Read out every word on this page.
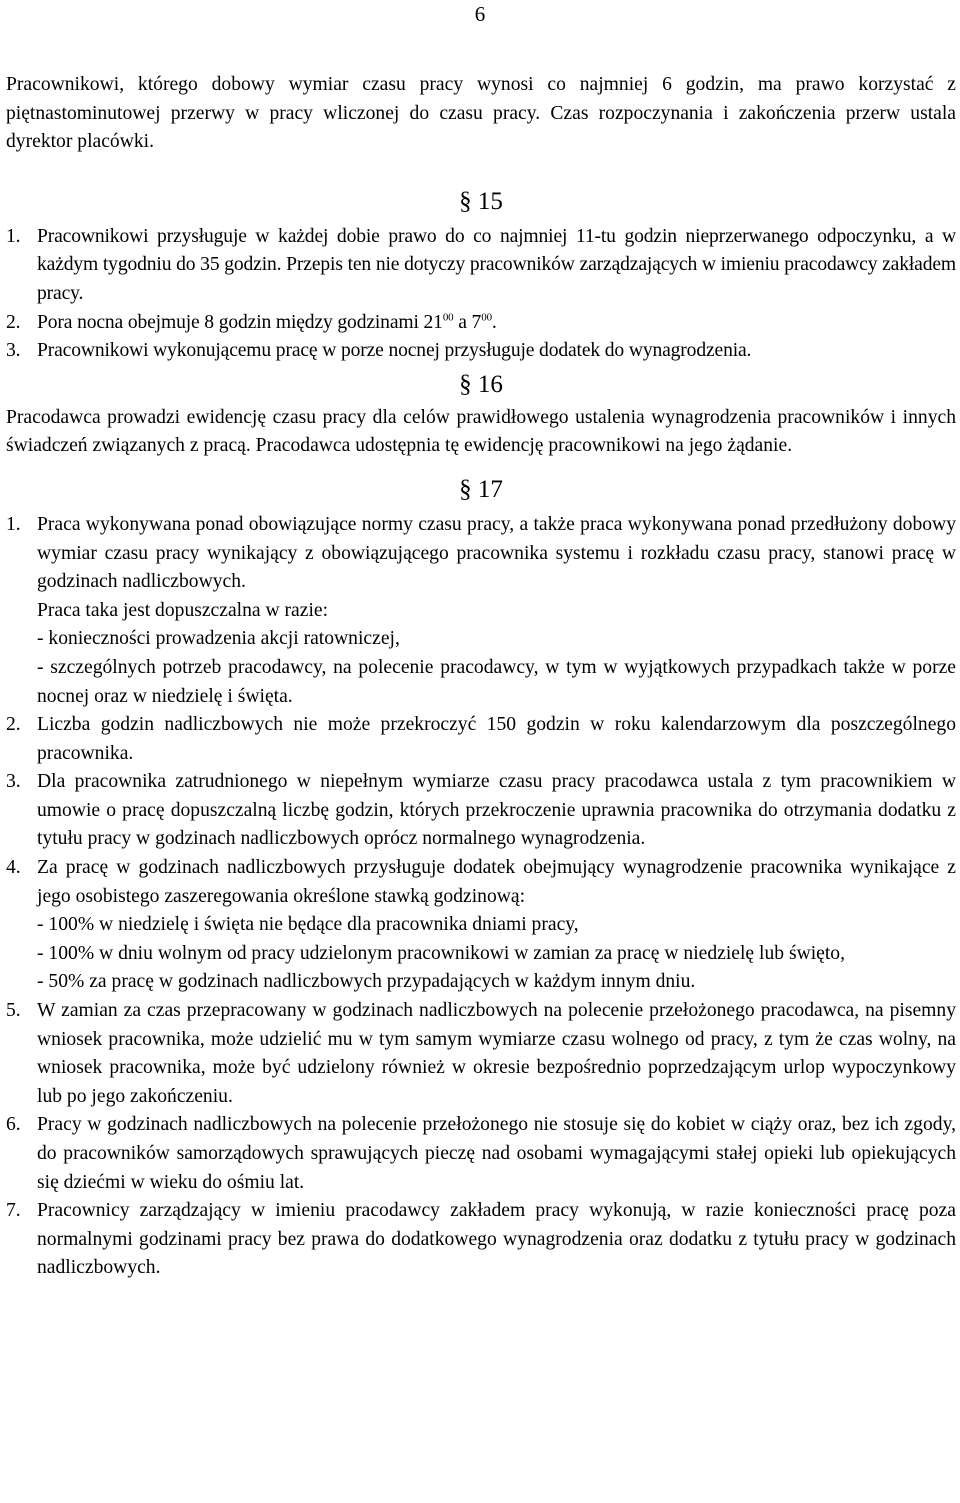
6

Pracownikowi, którego dobowy wymiar czasu pracy wynosi co najmniej 6 godzin, ma prawo korzystać z piętnastominutowej przerwy w pracy wliczonej do czasu pracy. Czas rozpoczynania i zakończenia przerw ustala dyrektor placówki.

§ 15
1. Pracownikowi przysługuje w każdej dobie prawo do co najmniej 11-tu godzin nieprzerwanego odpoczynku, a w każdym tygodniu do 35 godzin. Przepis ten nie dotyczy pracowników zarządzających w imieniu pracodawcy zakładem pracy.
2. Pora nocna obejmuje 8 godzin między godzinami $21^{00}$ a $7^{00}$.
3. Pracownikowi wykonującemu pracę w porze nocnej przysługuje dodatek do wynagrodzenia.
§ 16

Pracodawca prowadzi ewidencję czasu pracy dla celów prawidłowego ustalenia wynagrodzenia pracowników i innych świadczeń związanych z pracą. Pracodawca udostępnia tę ewidencję pracownikowi na jego żądanie.

§ 17
1. Praca wykonywana ponad obowiązujące normy czasu pracy, a także praca wykonywana ponad przedłużony dobowy wymiar czasu pracy wynikający z obowiązującego pracownika systemu i rozkładu czasu pracy, stanowi pracę w godzinach nadliczbowych.
Praca taka jest dopuszczalna w razie:
- konieczności prowadzenia akcji ratowniczej,
- szczególnych potrzeb pracodawcy, na polecenie pracodawcy, w tym w wyjątkowych przypadkach także w porze nocnej oraz w niedzielę i święta.
2. Liczba godzin nadliczbowych nie może przekroczyć 150 godzin w roku kalendarzowym dla poszczególnego pracownika.
3. Dla pracownika zatrudnionego w niepełnym wymiarze czasu pracy pracodawca ustala z tym pracownikiem w umowie o pracę dopuszczalną liczbę godzin, których przekroczenie uprawnia pracownika do otrzymania dodatku z tytułu pracy w godzinach nadliczbowych oprócz normalnego wynagrodzenia.
4. Za pracę w godzinach nadliczbowych przysługuje dodatek obejmujący wynagrodzenie pracownika wynikające z jego osobistego zaszeregowania określone stawką godzinową:
- 100% w niedzielę i święta nie będące dla pracownika dniami pracy,
- 100% w dniu wolnym od pracy udzielonym pracownikowi w zamian za pracę w niedzielę lub święto,
- 50% za pracę w godzinach nadliczbowych przypadających w każdym innym dniu.
5. W zamian za czas przepracowany w godzinach nadliczbowych na polecenie przełożonego pracodawca, na pisemny wniosek pracownika, może udzielić mu w tym samym wymiarze czasu wolnego od pracy, z tym że czas wolny, na wniosek pracownika, może być udzielony również w okresie bezpośrednio poprzedzającym urlop wypoczynkowy lub po jego zakończeniu.
6. Pracy w godzinach nadliczbowych na polecenie przełożonego nie stosuje się do kobiet w ciąży oraz, bez ich zgody, do pracowników samorządowych sprawujących pieczę nad osobami wymagającymi stałej opieki lub opiekujących się dziećmi w wieku do ośmiu lat.
7. Pracownicy zarządzający w imieniu pracodawcy zakładem pracy wykonują, w razie konieczności pracę poza normalnymi godzinami pracy bez prawa do dodatkowego wynagrodzenia oraz dodatku z tytułu pracy w godzinach nadliczbowych.
